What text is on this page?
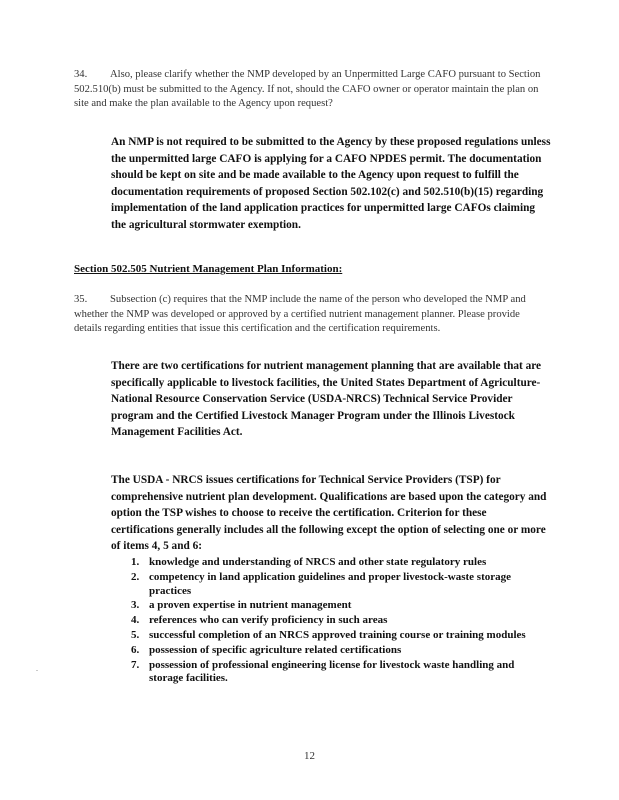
34. Also, please clarify whether the NMP developed by an Unpermitted Large CAFO pursuant to Section 502.510(b) must be submitted to the Agency. If not, should the CAFO owner or operator maintain the plan on site and make the plan available to the Agency upon request?

An NMP is not required to be submitted to the Agency by these proposed regulations unless the unpermitted large CAFO is applying for a CAFO NPDES permit. The documentation should be kept on site and be made available to the Agency upon request to fulfill the documentation requirements of proposed Section 502.102(c) and 502.510(b)(15) regarding implementation of the land application practices for unpermitted large CAFOs claiming the agricultural stormwater exemption.

Section 502.505 Nutrient Management Plan Information:
35. Subsection (c) requires that the NMP include the name of the person who developed the NMP and whether the NMP was developed or approved by a certified nutrient management planner. Please provide details regarding entities that issue this certification and the certification requirements.

There are two certifications for nutrient management planning that are available that are specifically applicable to livestock facilities, the United States Department of Agriculture-National Resource Conservation Service (USDA-NRCS) Technical Service Provider program and the Certified Livestock Manager Program under the Illinois Livestock Management Facilities Act.

The USDA - NRCS issues certifications for Technical Service Providers (TSP) for comprehensive nutrient plan development. Qualifications are based upon the category and option the TSP wishes to choose to receive the certification. Criterion for these certifications generally includes all the following except the option of selecting one or more of items 4, 5 and 6:

1. knowledge and understanding of NRCS and other state regulatory rules
2. competency in land application guidelines and proper livestock-waste storage practices
3. a proven expertise in nutrient management
4. references who can verify proficiency in such areas
5. successful completion of an NRCS approved training course or training modules
6. possession of specific agriculture related certifications
7. possession of professional engineering license for livestock waste handling and storage facilities.
.
12
